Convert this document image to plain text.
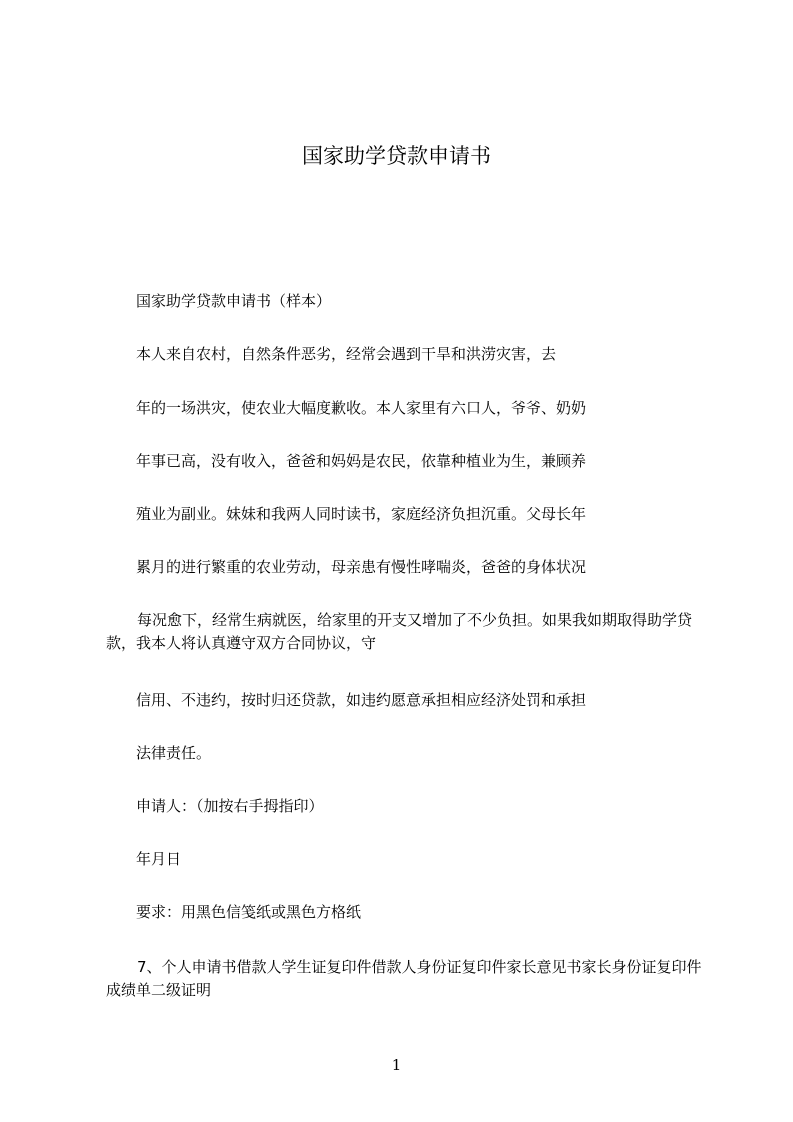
国家助学贷款申请书
国家助学贷款申请书（样本）
本人来自农村，自然条件恶劣，经常会遇到干旱和洪涝灾害，去
年的一场洪灾，使农业大幅度歉收。本人家里有六口人，爷爷、奶奶
年事已高，没有收入，爸爸和妈妈是农民，依靠种植业为生，兼顾养
殖业为副业。妹妹和我两人同时读书，家庭经济负担沉重。父母长年
累月的进行繁重的农业劳动，母亲患有慢性哮喘炎，爸爸的身体状况
每况愈下，经常生病就医，给家里的开支又增加了不少负担。如果我如期取得助学贷款，我本人将认真遵守双方合同协议，守
信用、不违约，按时归还贷款，如违约愿意承担相应经济处罚和承担
法律责任。
申请人：（加按右手拇指印）
年月日
要求：用黑色信笺纸或黑色方格纸
7、个人申请书借款人学生证复印件借款人身份证复印件家长意见书家长身份证复印件成绩单二级证明
1
